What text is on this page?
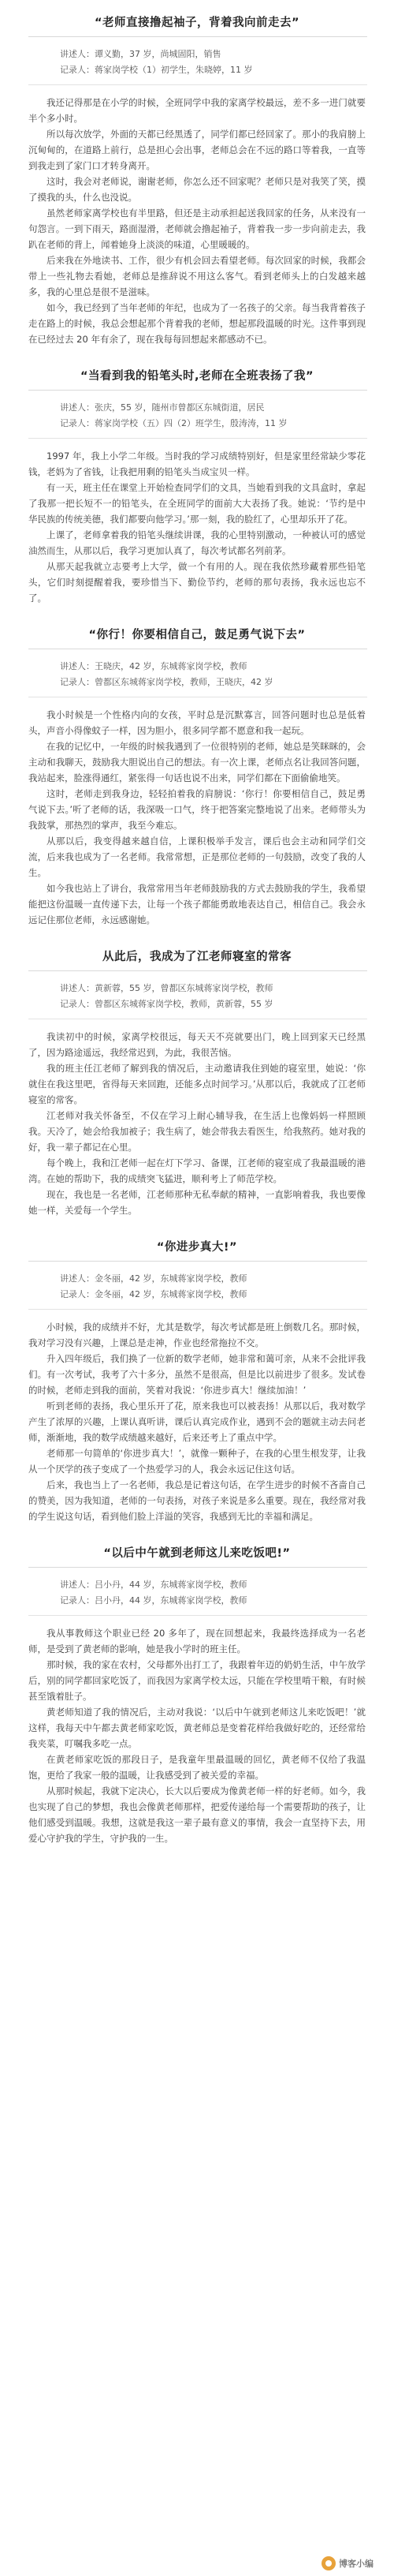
“老师直接撸起袖子，背着我向前走去”
讲述人：谭义勤，37 岁，尚城固阳，销售
记录人：蒋家岗学校（1）初学生，朱晓婷，11 岁

我还记得那是在小学的时候，全班同学中我的家离学校最远，差不多一进门就要半个多小时。

所以每次放学，外面的天都已经黑透了，同学们都已经回家了。那小的我肩膀上沉甸甸的，在道路上前行，总是担心会出事，老师总会在不远的路口等着我，一直等到我走到了家门口才转身离开。

这时，我会对老师说，谢谢老师，你怎么还不回家呢？老师只是对我笑了笑，摸了摸我的头，什么也没说。

虽然老师家离学校也有半里路，但还是主动承担起送我回家的任务，从来没有一句怨言。一到下雨天，路面湿滑，老师就会撸起袖子，背着我一步一步向前走去，我趴在老师的背上，闻着她身上淡淡的味道，心里暖暖的。

后来我在外地读书、工作，很少有机会回去看望老师。每次回家的时候，我都会带上一些礼物去看她，老师总是推辞说不用这么客气。看到老师头上的白发越来越多，我的心里总是很不是滋味。

如今，我已经到了当年老师的年纪，也成为了一名孩子的父亲。每当我背着孩子走在路上的时候，我总会想起那个背着我的老师，想起那段温暖的时光。这件事到现在已经过去 20 年有余了，现在我每每回想起来都感动不已。

“当看到我的铅笔头时,老师在全班表扬了我”
讲述人：张庆，55 岁，随州市曾都区东城街道，居民
记录人：蒋家岗学校（五）四（2）班学生，殷涛涛，11 岁

1997 年，我上小学二年级。当时我的学习成绩特别好，但是家里经常缺少零花钱，老妈为了省钱，让我把用剩的铅笔头当成宝贝一样。

有一天，班主任在课堂上开始检查同学们的文具，当她看到我的文具盒时，拿起了我那一把长短不一的铅笔头，在全班同学的面前大大表扬了我。她说：‘节约是中华民族的传统美德，我们都要向他学习。’那一刻，我的脸红了，心里却乐开了花。

上课了，老师拿着我的铅笔头继续讲课，我的心里特别激动，一种被认可的感觉油然而生，从那以后，我学习更加认真了，每次考试都名列前茅。

从那天起我就立志要考上大学，做一个有用的人。现在我依然珍藏着那些铅笔头，它们时刻提醒着我，要珍惜当下、勤俭节约，老师的那句表扬，我永远也忘不了。

“你行！你要相信自己，鼓足勇气说下去”
讲述人：王晓庆，42 岁，东城蒋家岗学校，教师
记录人：曾都区东城蒋家岗学校，教师，王晓庆，42 岁

我小时候是一个性格内向的女孩，平时总是沉默寡言，回答问题时也总是低着头，声音小得像蚊子一样，因为胆小，很多同学都不愿意和我一起玩。

在我的记忆中，一年级的时候我遇到了一位很特别的老师，她总是笑眯眯的，会主动和我聊天，鼓励我大胆说出自己的想法。有一次上课，老师点名让我回答问题，我站起来，脸涨得通红，紧张得一句话也说不出来，同学们都在下面偷偷地笑。

这时，老师走到我身边，轻轻拍着我的肩膀说：‘你行！你要相信自己，鼓足勇气说下去。’听了老师的话，我深吸一口气，终于把答案完整地说了出来。老师带头为我鼓掌，那热烈的掌声，我至今难忘。

从那以后，我变得越来越自信，上课积极举手发言，课后也会主动和同学们交流，后来我也成为了一名老师。我常常想，正是那位老师的一句鼓励，改变了我的人生。

如今我也站上了讲台，我常常用当年老师鼓励我的方式去鼓励我的学生，我希望能把这份温暖一直传递下去，让每一个孩子都能勇敢地表达自己，相信自己。我会永远记住那位老师，永远感谢她。

从此后，我成为了江老师寝室的常客
讲述人：黄新蓉，55 岁，曾都区东城蒋家岗学校，教师
记录人：曾都区东城蒋家岗学校，教师，黄新蓉，55 岁

我读初中的时候，家离学校很远，每天天不亮就要出门，晚上回到家天已经黑了，因为路途遥远，我经常迟到，为此，我很苦恼。

我的班主任江老师了解到我的情况后，主动邀请我住到她的寝室里，她说：‘你就住在我这里吧，省得每天来回跑，还能多点时间学习。’从那以后，我就成了江老师寝室的常客。

江老师对我关怀备至，不仅在学习上耐心辅导我，在生活上也像妈妈一样照顾我。天冷了，她会给我加被子；我生病了，她会带我去看医生，给我熬药。她对我的好，我一辈子都记在心里。

每个晚上，我和江老师一起在灯下学习、备课，江老师的寝室成了我最温暖的港湾。在她的帮助下，我的成绩突飞猛进，顺利考上了师范学校。

现在，我也是一名老师，江老师那种无私奉献的精神，一直影响着我，我也要像她一样，关爱每一个学生。

“你进步真大!”
讲述人：金冬丽，42 岁，东城蒋家岗学校，教师
记录人：金冬丽，42 岁，东城蒋家岗学校，教师

小时候，我的成绩并不好，尤其是数学，每次考试都是班上倒数几名。那时候，我对学习没有兴趣，上课总是走神，作业也经常拖拉不交。

升入四年级后，我们换了一位新的数学老师，她非常和蔼可亲，从来不会批评我们。有一次考试，我考了六十多分，虽然不是很高，但是比以前进步了很多。发试卷的时候，老师走到我的面前，笑着对我说：‘你进步真大！继续加油！’

听到老师的表扬，我心里乐开了花，原来我也可以被表扬！从那以后，我对数学产生了浓厚的兴趣，上课认真听讲，课后认真完成作业，遇到不会的题就主动去问老师，渐渐地，我的数学成绩越来越好，后来还考上了重点中学。

老师那一句简单的‘你进步真大！’，就像一颗种子，在我的心里生根发芽，让我从一个厌学的孩子变成了一个热爱学习的人，我会永远记住这句话。

后来，我也当上了一名老师，我总是记着这句话，在学生进步的时候不吝啬自己的赞美，因为我知道，老师的一句表扬，对孩子来说是多么重要。现在，我经常对我的学生说这句话，看到他们脸上洋溢的笑容，我感到无比的幸福和满足。

“以后中午就到老师这儿来吃饭吧!”
讲述人：吕小丹，44 岁，东城蒋家岗学校，教师
记录人：吕小丹，44 岁，东城蒋家岗学校，教师

我从事教师这个职业已经 20 多年了，现在回想起来，我最终选择成为一名老师，是受到了黄老师的影响，她是我小学时的班主任。

那时候，我的家在农村，父母都外出打工了，我跟着年迈的奶奶生活，中午放学后，别的同学都回家吃饭了，而我因为家离学校太远，只能在学校里啃干粮，有时候甚至饿着肚子。

黄老师知道了我的情况后，主动对我说：‘以后中午就到老师这儿来吃饭吧！’就这样，我每天中午都去黄老师家吃饭，黄老师总是变着花样给我做好吃的，还经常给我夹菜，叮嘱我多吃一点。

在黄老师家吃饭的那段日子，是我童年里最温暖的回忆，黄老师不仅给了我温饱，更给了我家一般的温暖，让我感受到了被关爱的幸福。

从那时候起，我就下定决心，长大以后要成为像黄老师一样的好老师。如今，我也实现了自己的梦想，我也会像黄老师那样，把爱传递给每一个需要帮助的孩子，让他们感受到温暖。我想，这就是我这一辈子最有意义的事情，我会一直坚持下去，用爱心守护我的学生，守护我的一生。

博客小编
